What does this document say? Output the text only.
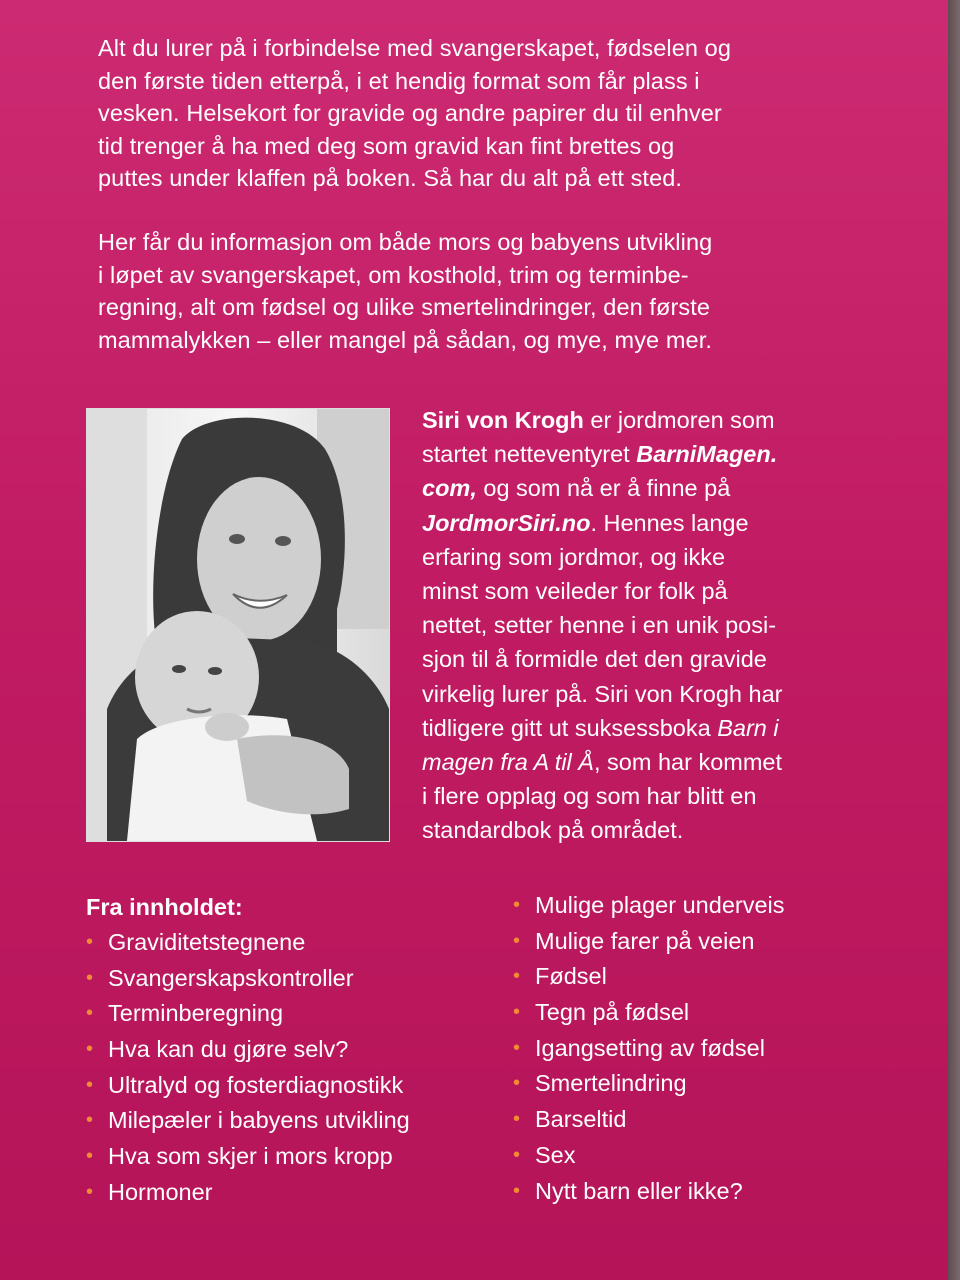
Alt du lurer på i forbindelse med svangerskapet, fødselen og
den første tiden etterpå, i et hendig format som får plass i
vesken. Helsekort for gravide og andre papirer du til enhver
tid trenger å ha med deg som gravid kan fint brettes og
puttes under klaffen på boken. Så har du alt på ett sted.

Her får du informasjon om både mors og babyens utvikling
i løpet av svangerskapet, om kosthold, trim og terminbe-
regning, alt om fødsel og ulike smertelindringer, den første
mammalykken – eller mangel på sådan, og mye, mye mer.

Siri von Krogh er jordmoren som
startet netteventyret BarniMagen.
com, og som nå er å finne på
JordmorSiri.no. Hennes lange
erfaring som jordmor, og ikke
minst som veileder for folk på
nettet, setter henne i en unik posi-
sjon til å formidle det den gravide
virkelig lurer på. Siri von Krogh har
tidligere gitt ut suksessboka Barn i
magen fra A til Å, som har kommet
i flere opplag og som har blitt en
standardbok på området.

Fra innholdet:

• Graviditetstegnene
• Svangerskapskontroller
• Terminberegning
• Hva kan du gjøre selv?
• Ultralyd og fosterdiagnostikk
• Milepæler i babyens utvikling
• Hva som skjer i mors kropp
• Hormoner
• Mulige plager underveis
• Mulige farer på veien
• Fødsel
• Tegn på fødsel
• Igangsetting av fødsel
• Smertelindring
• Barseltid
• Sex
• Nytt barn eller ikke?
